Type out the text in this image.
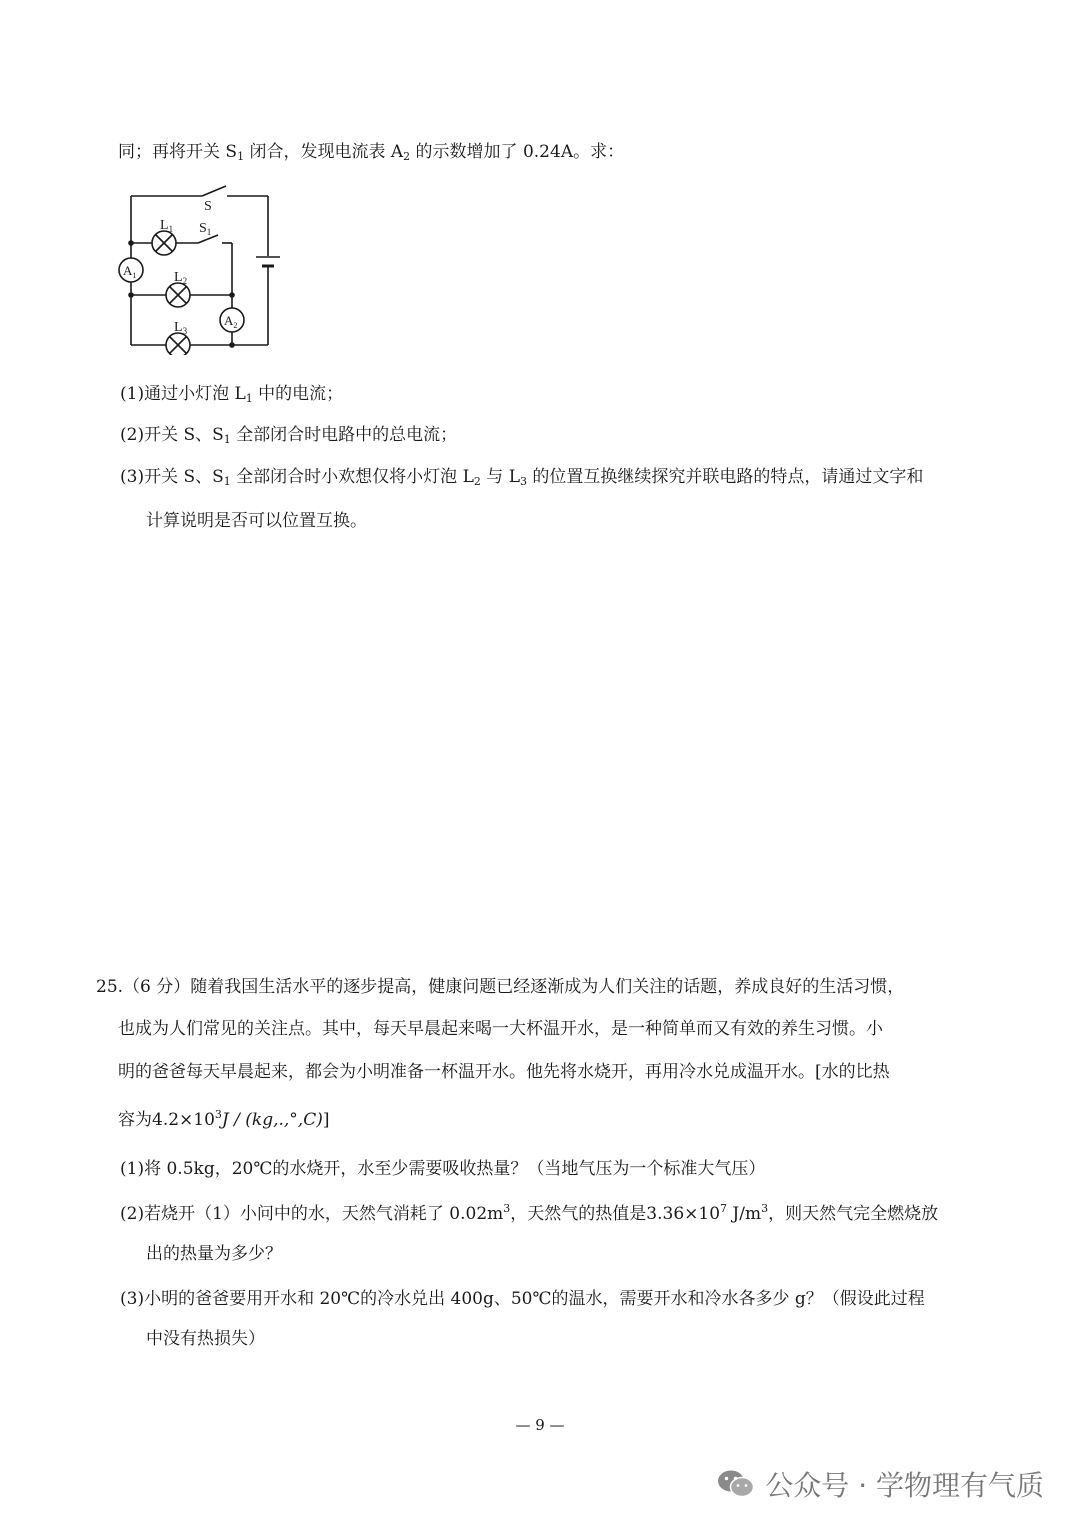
同；再将开关 $S_1$ 闭合，发现电流表 $A_2$ 的示数增加了 0.24A。求：
S
$S_1$
$L_1$
$L_2$
$L_3$
$A_1$
$A_2$
(1)通过小灯泡 $L_1$ 中的电流；
(2)开关 S、$S_1$ 全部闭合时电路中的总电流；
(3)开关 S、$S_1$ 全部闭合时小欢想仅将小灯泡 $L_2$ 与 $L_3$ 的位置互换继续探究并联电路的特点，请通过文字和
计算说明是否可以位置互换。
25.（6 分）随着我国生活水平的逐步提高，健康问题已经逐渐成为人们关注的话题，养成良好的生活习惯，
也成为人们常见的关注点。其中，每天早晨起来喝一大杯温开水，是一种简单而又有效的养生习惯。小
明的爸爸每天早晨起来，都会为小明准备一杯温开水。他先将水烧开，再用冷水兑成温开水。[水的比热
容为$4.2\times 10^3J / (kg,.,^\circ,C)$]
(1)将 0.5kg，20℃的水烧开，水至少需要吸收热量？（当地气压为一个标准大气压）
(2)若烧开（1）小问中的水，天然气消耗了 $0.02m^3$，天然气的热值是$3.36\times 10^7$ $J/m^3$，则天然气完全燃烧放
出的热量为多少？
(3)小明的爸爸要用开水和 20℃的冷水兑出 400g、50℃的温水，需要开水和冷水各多少 g？（假设此过程
中没有热损失）
— 9 —
公众号 · 学物理有气质
